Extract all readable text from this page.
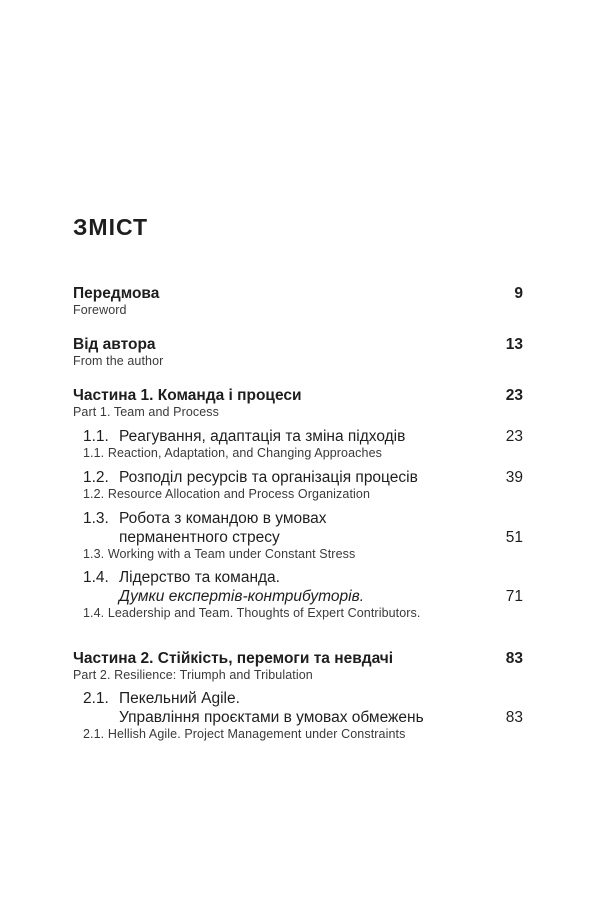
ЗМІСТ
Передмова
Foreword
9
Від автора
From the author
13
Частина 1. Команда і процеси
Part 1. Team and Process
23
1.1. Реагування, адаптація та зміна підходів
1.1. Reaction, Adaptation, and Changing Approaches
23
1.2. Розподіл ресурсів та організація процесів
1.2. Resource Allocation and Process Organization
39
1.3. Робота з командою в умовах
перманентного стресу
1.3. Working with a Team under Constant Stress
51
1.4. Лідерство та команда.
Думки експертів-контрибуторів.
1.4. Leadership and Team. Thoughts of Expert Contributors.
71
Частина 2. Стійкість, перемоги та невдачі
Part 2. Resilience: Triumph and Tribulation
83
2.1. Пекельний Agile.
Управління проєктами в умовах обмежень
2.1. Hellish Agile. Project Management under Constraints
83
